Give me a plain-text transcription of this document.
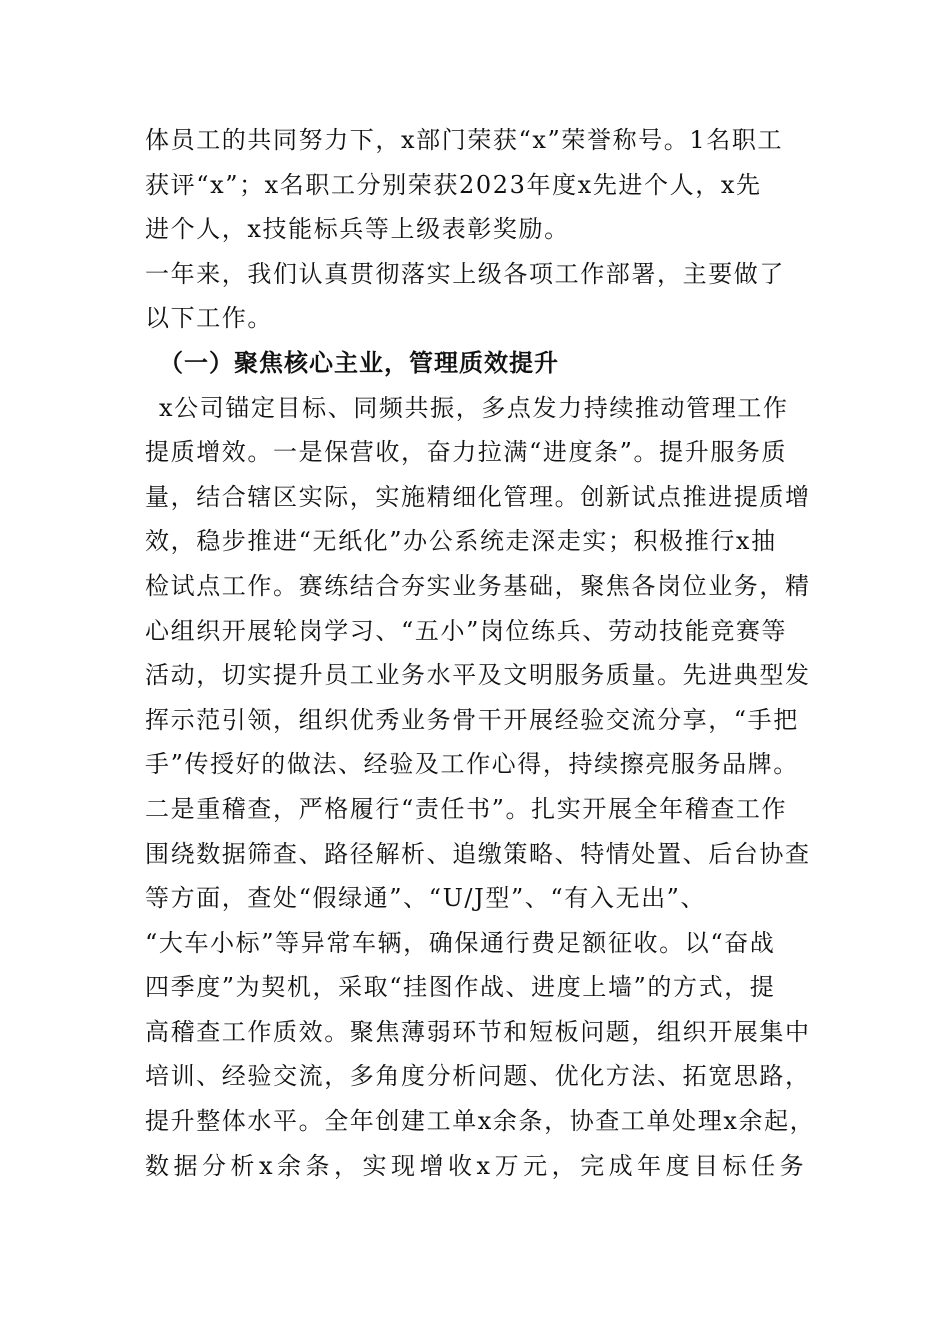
体员工的共同努力下，x部门荣获“x”荣誉称号。1名职工
获评“x”；x名职工分别荣获2023年度x先进个人，x先
进个人，x技能标兵等上级表彰奖励。
一年来，我们认真贯彻落实上级各项工作部署，主要做了
以下工作。
（一）聚焦核心主业，管理质效提升
x公司锚定目标、同频共振，多点发力持续推动管理工作
提质增效。一是保营收，奋力拉满“进度条”。提升服务质
量，结合辖区实际，实施精细化管理。创新试点推进提质增
效，稳步推进“无纸化”办公系统走深走实；积极推行x抽
检试点工作。赛练结合夯实业务基础，聚焦各岗位业务，精
心组织开展轮岗学习、“五小”岗位练兵、劳动技能竞赛等
活动，切实提升员工业务水平及文明服务质量。先进典型发
挥示范引领，组织优秀业务骨干开展经验交流分享，“手把
手”传授好的做法、经验及工作心得，持续擦亮服务品牌。
二是重稽查，严格履行“责任书”。扎实开展全年稽查工作
围绕数据筛查、路径解析、追缴策略、特情处置、后台协查
等方面，查处“假绿通”、“U/J型”、“有入无出”、
“大车小标”等异常车辆，确保通行费足额征收。以“奋战
四季度”为契机，采取“挂图作战、进度上墙”的方式，提
高稽查工作质效。聚焦薄弱环节和短板问题，组织开展集中
培训、经验交流，多角度分析问题、优化方法、拓宽思路，
提升整体水平。全年创建工单x余条，协查工单处理x余起，
数据分析x余条，实现增收x万元，完成年度目标任务
